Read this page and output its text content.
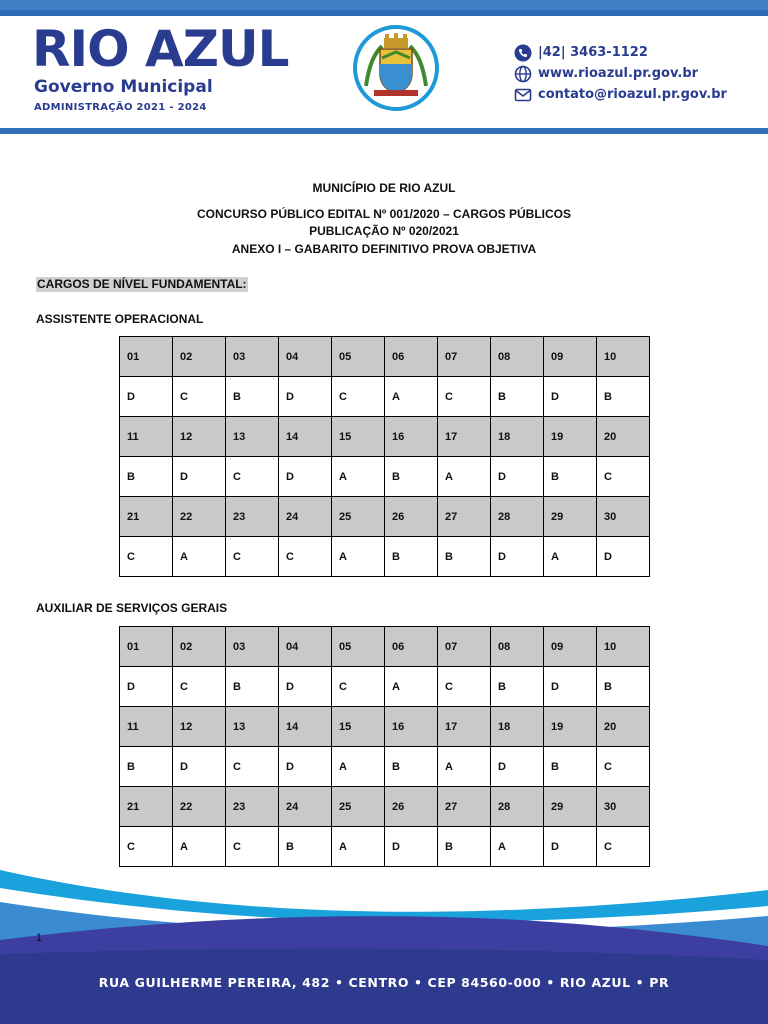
RIO AZUL
Governo Municipal
ADMINISTRAÇÃO 2021 - 2024
|42| 3463-1122
www.rioazul.pr.gov.br
contato@rioazul.pr.gov.br
MUNICÍPIO DE RIO AZUL
CONCURSO PÚBLICO EDITAL Nº 001/2020 – CARGOS PÚBLICOS
PUBLICAÇÃO Nº 020/2021
ANEXO I – GABARITO DEFINITIVO PROVA OBJETIVA
CARGOS DE NÍVEL FUNDAMENTAL:
ASSISTENTE OPERACIONAL
01	02	03	04	05	06	07	08	09	10
D	C	B	D	C	A	C	B	D	B
11	12	13	14	15	16	17	18	19	20
B	D	C	D	A	B	A	D	B	C
21	22	23	24	25	26	27	28	29	30
C	A	C	C	A	B	B	D	A	D
AUXILIAR DE SERVIÇOS GERAIS
01	02	03	04	05	06	07	08	09	10
D	C	B	D	C	A	C	B	D	B
11	12	13	14	15	16	17	18	19	20
B	D	C	D	A	B	A	D	B	C
21	22	23	24	25	26	27	28	29	30
C	A	C	B	A	D	B	A	D	C
1
RUA GUILHERME PEREIRA, 482 • CENTRO • CEP 84560-000 • RIO AZUL • PR
